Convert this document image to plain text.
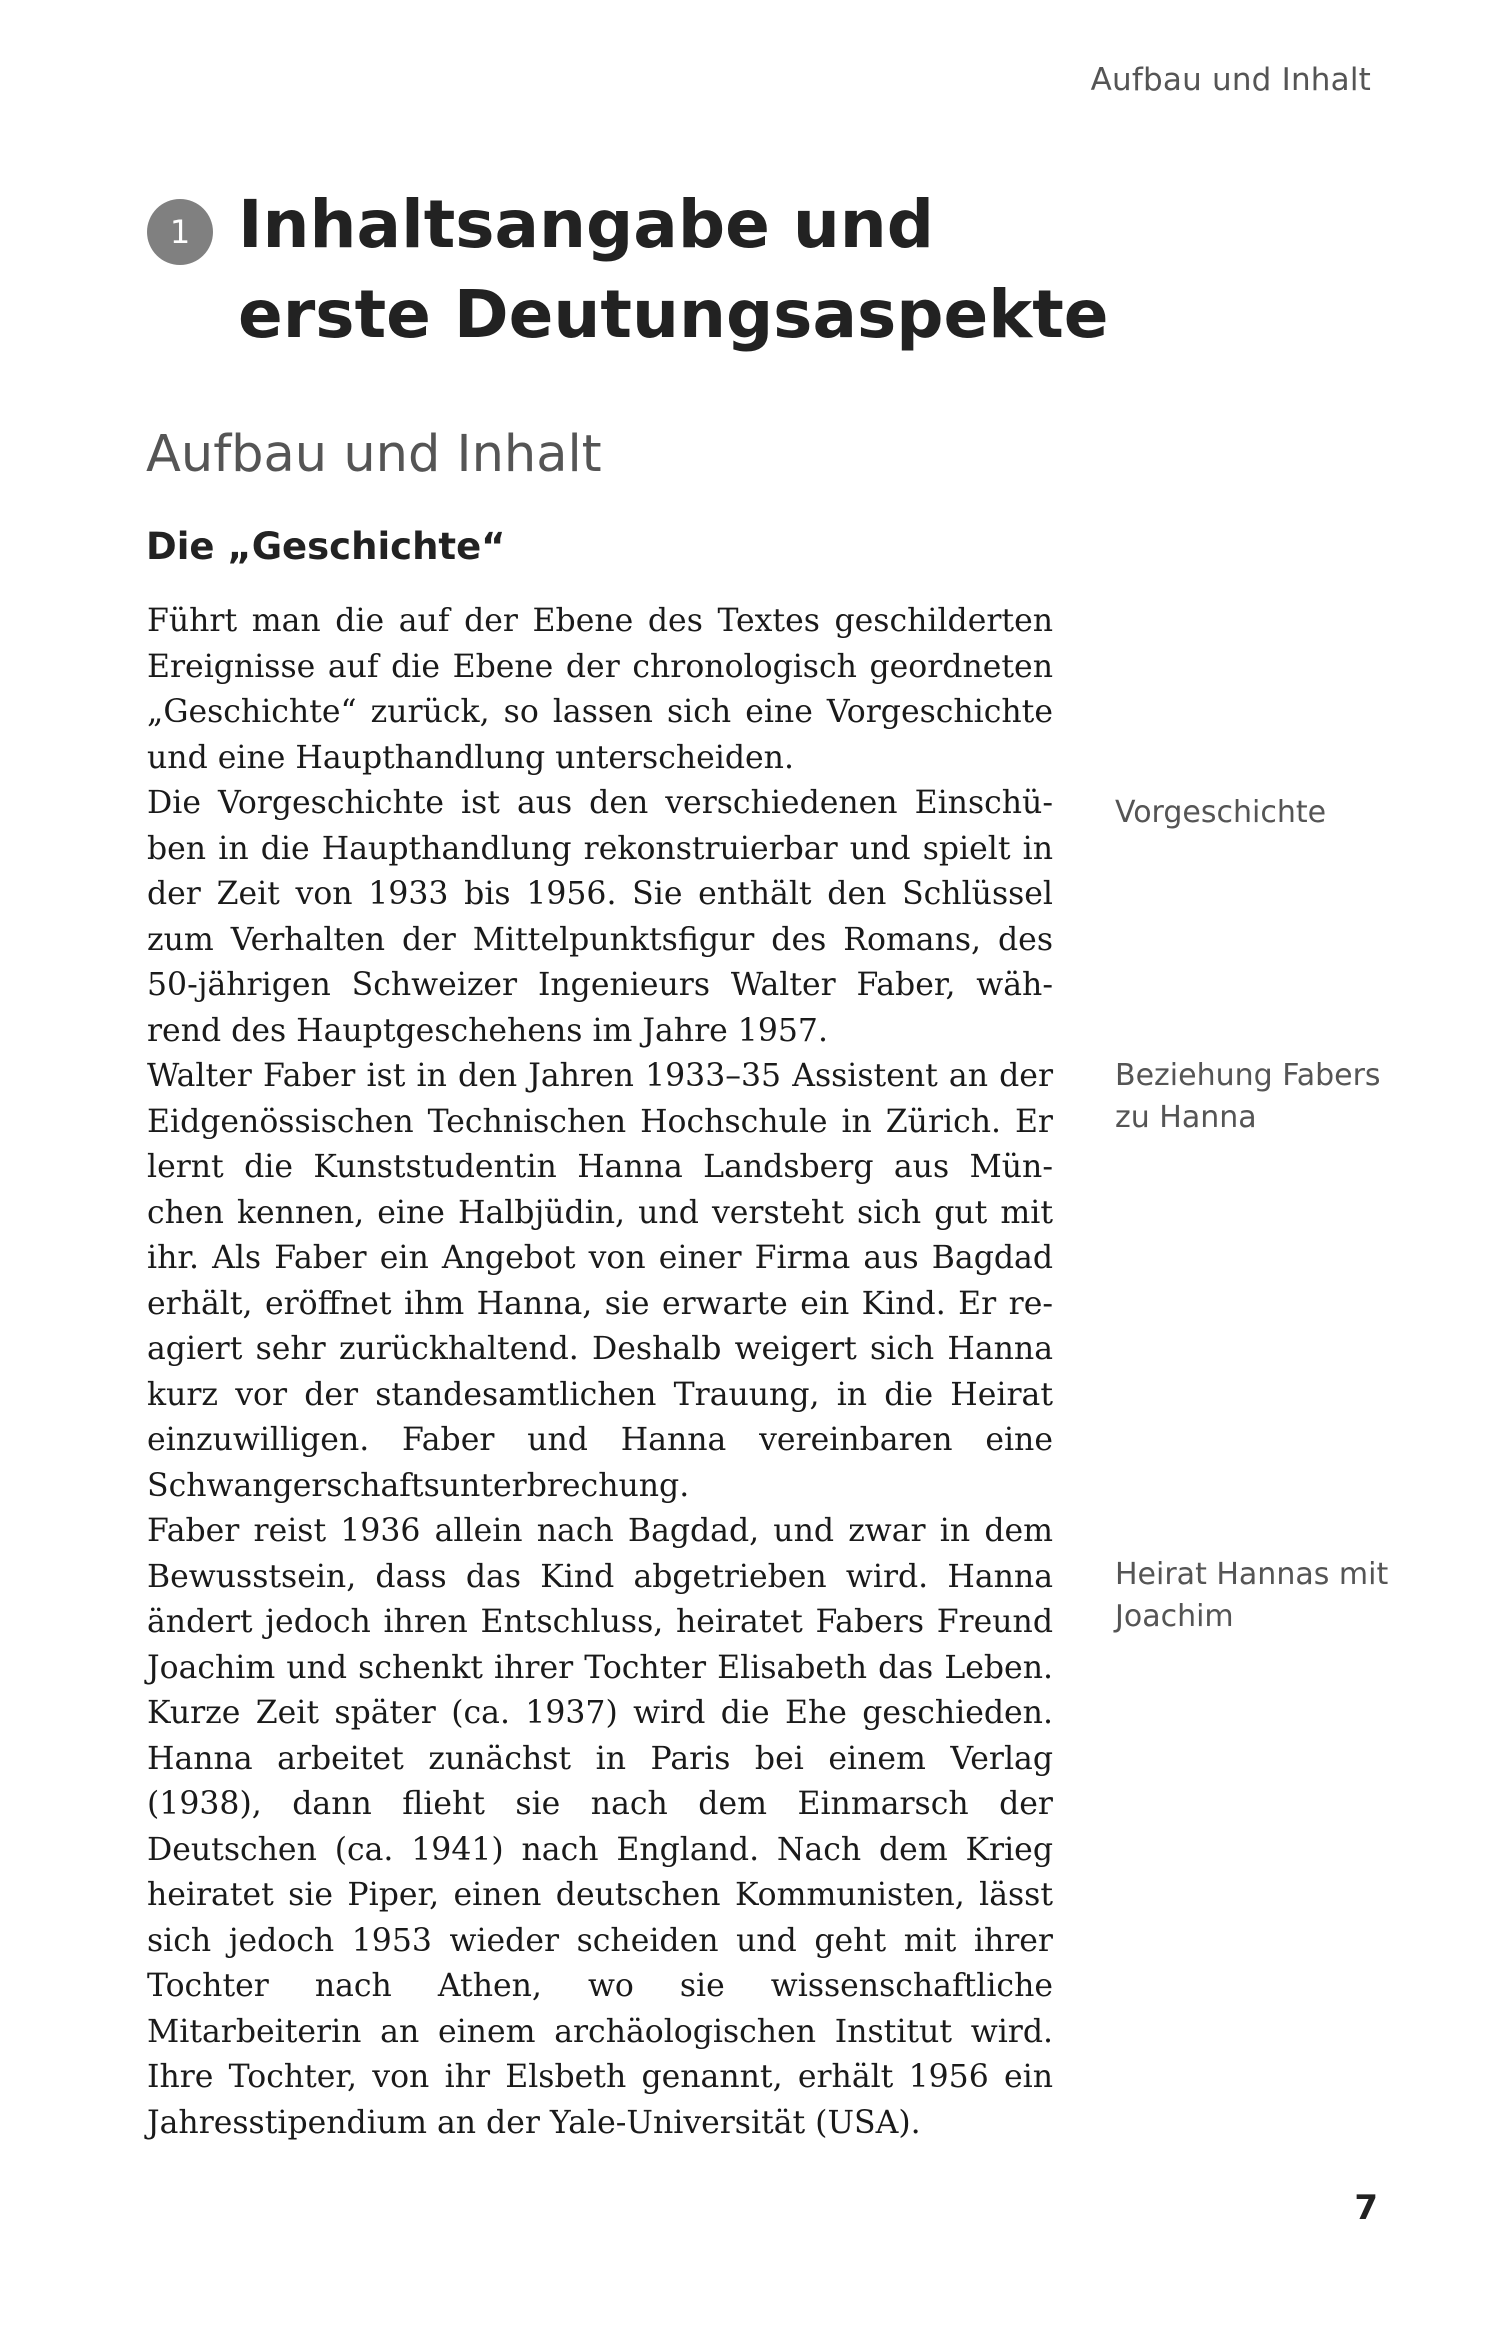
Aufbau und Inhalt
1 Inhaltsangabe und erste Deutungsaspekte
Aufbau und Inhalt
Die „Geschichte“

Führt man die auf der Ebene des Textes geschilderten Ereignisse auf die Ebene der chronologisch geordneten „Geschichte“ zurück, so lassen sich eine Vorgeschichte und eine Haupthandlung unterscheiden.

Die Vorgeschichte ist aus den verschiedenen Einschüben in die Haupthandlung rekonstruierbar und spielt in der Zeit von 1933 bis 1956. Sie enthält den Schlüssel zum Verhalten der Mittelpunktsfigur des Romans, des 50-jährigen Schweizer Ingenieurs Walter Faber, während des Hauptgeschehens im Jahre 1957.

Walter Faber ist in den Jahren 1933–35 Assistent an der Eidgenössischen Technischen Hochschule in Zürich. Er lernt die Kunststudentin Hanna Landsberg aus München kennen, eine Halbjüdin, und versteht sich gut mit ihr. Als Faber ein Angebot von einer Firma aus Bagdad erhält, eröffnet ihm Hanna, sie erwarte ein Kind. Er reagiert sehr zurückhaltend. Deshalb weigert sich Hanna kurz vor der standesamtlichen Trauung, in die Heirat einzuwilligen. Faber und Hanna vereinbaren eine Schwangerschaftsunterbrechung.

Faber reist 1936 allein nach Bagdad, und zwar in dem Bewusstsein, dass das Kind abgetrieben wird. Hanna ändert jedoch ihren Entschluss, heiratet Fabers Freund Joachim und schenkt ihrer Tochter Elisabeth das Leben. Kurze Zeit später (ca. 1937) wird die Ehe geschieden. Hanna arbeitet zunächst in Paris bei einem Verlag (1938), dann flieht sie nach dem Einmarsch der Deutschen (ca. 1941) nach England. Nach dem Krieg heiratet sie Piper, einen deutschen Kommunisten, lässt sich jedoch 1953 wieder scheiden und geht mit ihrer Tochter nach Athen, wo sie wissenschaftliche Mitarbeiterin an einem archäologischen Institut wird. Ihre Tochter, von ihr Elsbeth genannt, erhält 1956 ein Jahresstipendium an der Yale-Universität (USA).

Vorgeschichte
Beziehung Fabers zu Hanna
Heirat Hannas mit Joachim
7
